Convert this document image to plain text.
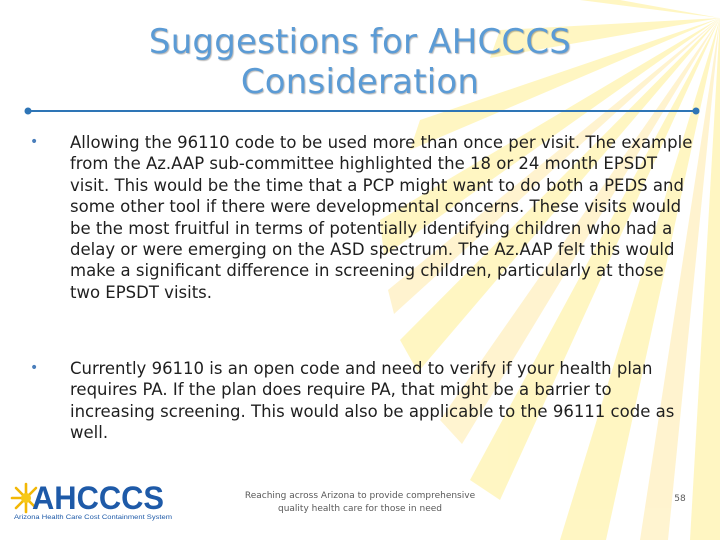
Suggestions for AHCCCS
Consideration
• Allowing the 96110 code to be used more than once per visit. The example from the Az.AAP sub-committee highlighted the 18 or 24 month EPSDT visit. This would be the time that a PCP might want to do both a PEDS and some other tool if there were developmental concerns. These visits would be the most fruitful in terms of potentially identifying children who had a delay or were emerging on the ASD spectrum. The Az.AAP felt this would make a significant difference in screening children, particularly at those two EPSDT visits.
• Currently 96110 is an open code and need to verify if your health plan requires PA. If the plan does require PA, that might be a barrier to increasing screening. This would also be applicable to the 96111 code as well.
AHCCCS
Arizona Health Care Cost Containment System
Reaching across Arizona to provide comprehensive
quality health care for those in need
58
